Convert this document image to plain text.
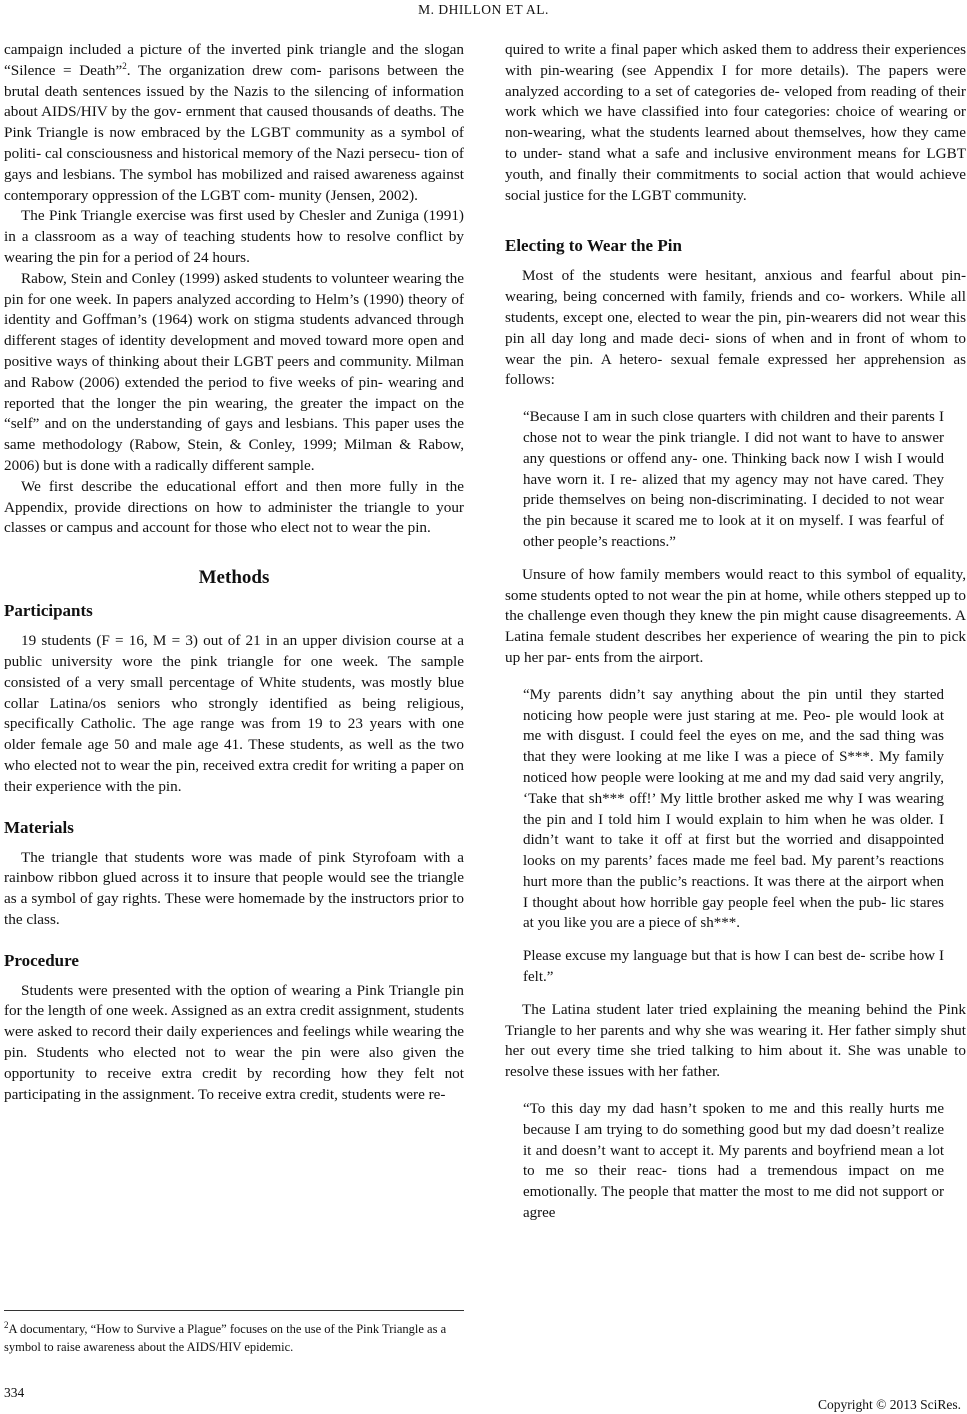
M. DHILLON ET AL.

campaign included a picture of the inverted pink triangle and the slogan “Silence = Death”$^2$. The organization drew com- parisons between the brutal death sentences issued by the Nazis to the silencing of information about AIDS/HIV by the gov- ernment that caused thousands of deaths. The Pink Triangle is now embraced by the LGBT community as a symbol of politi- cal consciousness and historical memory of the Nazi persecu- tion of gays and lesbians. The symbol has mobilized and raised awareness against contemporary oppression of the LGBT com- munity (Jensen, 2002).

The Pink Triangle exercise was first used by Chesler and Zuniga (1991) in a classroom as a way of teaching students how to resolve conflict by wearing the pin for a period of 24 hours.

Rabow, Stein and Conley (1999) asked students to volunteer wearing the pin for one week. In papers analyzed according to Helm’s (1990) theory of identity and Goffman’s (1964) work on stigma students advanced through different stages of identity development and moved toward more open and positive ways of thinking about their LGBT peers and community. Milman and Rabow (2006) extended the period to five weeks of pin- wearing and reported that the longer the pin wearing, the greater the impact on the “self” and on the understanding of gays and lesbians. This paper uses the same methodology (Rabow, Stein, & Conley, 1999; Milman & Rabow, 2006) but is done with a radically different sample.

We first describe the educational effort and then more fully in the Appendix, provide directions on how to administer the triangle to your classes or campus and account for those who elect not to wear the pin.

Methods
Participants

19 students (F = 16, M = 3) out of 21 in an upper division course at a public university wore the pink triangle for one week. The sample consisted of a very small percentage of White students, was mostly blue collar Latina/os seniors who strongly identified as being religious, specifically Catholic. The age range was from 19 to 23 years with one older female age 50 and male age 41. These students, as well as the two who elected not to wear the pin, received extra credit for writing a paper on their experience with the pin.

Materials

The triangle that students wore was made of pink Styrofoam with a rainbow ribbon glued across it to insure that people would see the triangle as a symbol of gay rights. These were homemade by the instructors prior to the class.

Procedure

Students were presented with the option of wearing a Pink Triangle pin for the length of one week. Assigned as an extra credit assignment, students were asked to record their daily experiences and feelings while wearing the pin. Students who elected not to wear the pin were also given the opportunity to receive extra credit by recording how they felt not participating in the assignment. To receive extra credit, students were re-

quired to write a final paper which asked them to address their experiences with pin-wearing (see Appendix I for more details). The papers were analyzed according to a set of categories de- veloped from reading of their work which we have classified into four categories: choice of wearing or non-wearing, what the students learned about themselves, how they came to under- stand what a safe and inclusive environment means for LGBT youth, and finally their commitments to social action that would achieve social justice for the LGBT community.

Electing to Wear the Pin

Most of the students were hesitant, anxious and fearful about pin-wearing, being concerned with family, friends and co- workers. While all students, except one, elected to wear the pin, pin-wearers did not wear this pin all day long and made deci- sions of when and in front of whom to wear the pin. A hetero- sexual female expressed her apprehension as follows:

“Because I am in such close quarters with children and their parents I chose not to wear the pink triangle. I did not want to have to answer any questions or offend any- one. Thinking back now I wish I would have worn it. I re- alized that my agency may not have cared. They pride themselves on being non-discriminating. I decided to not wear the pin because it scared me to look at it on myself. I was fearful of other people’s reactions.”

Unsure of how family members would react to this symbol of equality, some students opted to not wear the pin at home, while others stepped up to the challenge even though they knew the pin might cause disagreements. A Latina female student describes her experience of wearing the pin to pick up her par- ents from the airport.

“My parents didn’t say anything about the pin until they started noticing how people were just staring at me. Peo- ple would look at me with disgust. I could feel the eyes on me, and the sad thing was that they were looking at me like I was a piece of S***. My family noticed how people were looking at me and my dad said very angrily, ‘Take that sh*** off!’ My little brother asked me why I was wearing the pin and I told him I would explain to him when he was older. I didn’t want to take it off at first but the worried and disappointed looks on my parents’ faces made me feel bad. My parent’s reactions hurt more than the public’s reactions. It was there at the airport when I thought about how horrible gay people feel when the pub- lic stares at you like you are a piece of sh***.
Please excuse my language but that is how I can best de- scribe how I felt.”

The Latina student later tried explaining the meaning behind the Pink Triangle to her parents and why she was wearing it. Her father simply shut her out every time she tried talking to him about it. She was unable to resolve these issues with her father.

“To this day my dad hasn’t spoken to me and this really hurts me because I am trying to do something good but my dad doesn’t realize it and doesn’t want to accept it. My parents and boyfriend mean a lot to me so their reac- tions had a tremendous impact on me emotionally. The people that matter the most to me did not support or agree
$^2$A documentary, “How to Survive a Plague” focuses on the use of the Pink Triangle as a symbol to raise awareness about the AIDS/HIV epidemic.
334
Copyright © 2013 SciRes.
